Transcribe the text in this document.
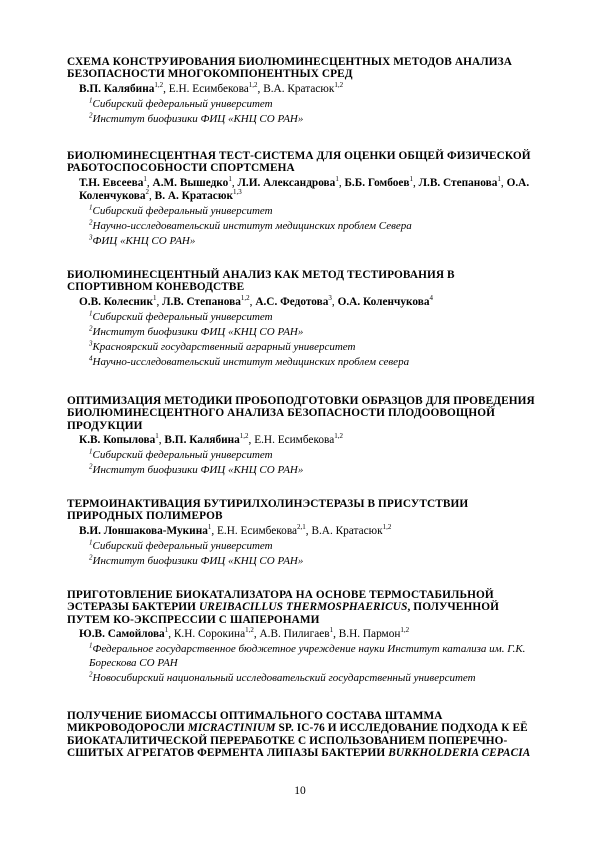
СХЕМА КОНСТРУИРОВАНИЯ БИОЛЮМИНЕСЦЕНТНЫХ МЕТОДОВ АНАЛИЗА БЕЗОПАСНОСТИ МНОГОКОМПОНЕНТНЫХ СРЕД

В.П. Калябина$^{1,2}$, Е.Н. Есимбекова$^{1,2}$, В.А. Кратасюк$^{1,2}$
$^1$Сибирский федеральный университет
$^2$Институт биофизики ФИЦ «КНЦ СО РАН»

БИОЛЮМИНЕСЦЕНТНАЯ ТЕСТ-СИСТЕМА ДЛЯ ОЦЕНКИ ОБЩЕЙ ФИЗИЧЕСКОЙ РАБОТОСПОСОБНОСТИ СПОРТСМЕНА

Т.Н. Евсеева$^1$, А.М. Вышедко$^1$, Л.И. Александрова$^1$, Б.Б. Гомбоев$^1$, Л.В. Степанова$^1$, О.А. Коленчукова$^2$, В. А. Кратасюк$^{1,3}$
$^1$Сибирский федеральный университет
$^2$Научно-исследовательский институт медицинских проблем Севера
$^3$ФИЦ «КНЦ СО РАН»

БИОЛЮМИНЕСЦЕНТНЫЙ АНАЛИЗ КАК МЕТОД ТЕСТИРОВАНИЯ В СПОРТИВНОМ КОНЕВОДСТВЕ

О.В. Колесник$^1$, Л.В. Степанова$^{1,2}$, А.С. Федотова$^3$, О.А. Коленчукова$^4$
$^1$Сибирский федеральный университет
$^2$Институт биофизики ФИЦ «КНЦ СО РАН»
$^3$Красноярский государственный аграрный университет
$^4$Научно-исследовательский институт медицинских проблем севера

ОПТИМИЗАЦИЯ МЕТОДИКИ ПРОБОПОДГОТОВКИ ОБРАЗЦОВ ДЛЯ ПРОВЕДЕНИЯ БИОЛЮМИНЕСЦЕНТНОГО АНАЛИЗА БЕЗОПАСНОСТИ ПЛОДООВОЩНОЙ ПРОДУКЦИИ

К.В. Копылова$^1$, В.П. Калябина$^{1,2}$, Е.Н. Есимбекова$^{1,2}$
$^1$Сибирский федеральный университет
$^2$Институт биофизики ФИЦ «КНЦ СО РАН»

ТЕРМОИНАКТИВАЦИЯ БУТИРИЛХОЛИНЭСТЕРАЗЫ В ПРИСУТСТВИИ ПРИРОДНЫХ ПОЛИМЕРОВ

В.И. Лоншакова-Мукина$^1$, Е.Н. Есимбекова$^{2,1}$, В.А. Кратасюк$^{1,2}$
$^1$Сибирский федеральный университет
$^2$Институт биофизики ФИЦ «КНЦ СО РАН»

ПРИГОТОВЛЕНИЕ БИОКАТАЛИЗАТОРА НА ОСНОВЕ ТЕРМОСТАБИЛЬНОЙ ЭСТЕРАЗЫ БАКТЕРИИ UREIBACILLUS THERMOSPHAERICUS, ПОЛУЧЕННОЙ ПУТЕМ КО-ЭКСПРЕССИИ С ШАПЕРОНАМИ

Ю.В. Самойлова$^1$, К.Н. Сорокина$^{1,2}$, А.В. Пилигаев$^1$, В.Н. Пармон$^{1,2}$
$^1$Федеральное государственное бюджетное учреждение науки Институт катализа им. Г.К. Борескова СО РАН
$^2$Новосибирский национальный исследовательский государственный университет

ПОЛУЧЕНИЕ БИОМАССЫ ОПТИМАЛЬНОГО СОСТАВА ШТАММА МИКРОВОДОРОСЛИ MICRACTINIUM SP. IC-76 И ИССЛЕДОВАНИЕ ПОДХОДА К ЕЁ БИОКАТАЛИТИЧЕСКОЙ ПЕРЕРАБОТКЕ С ИСПОЛЬЗОВАНИЕМ ПОПЕРЕЧНО-СШИТЫХ АГРЕГАТОВ ФЕРМЕНТА ЛИПАЗЫ БАКТЕРИИ BURKHOLDERIA CEPACIA

10
